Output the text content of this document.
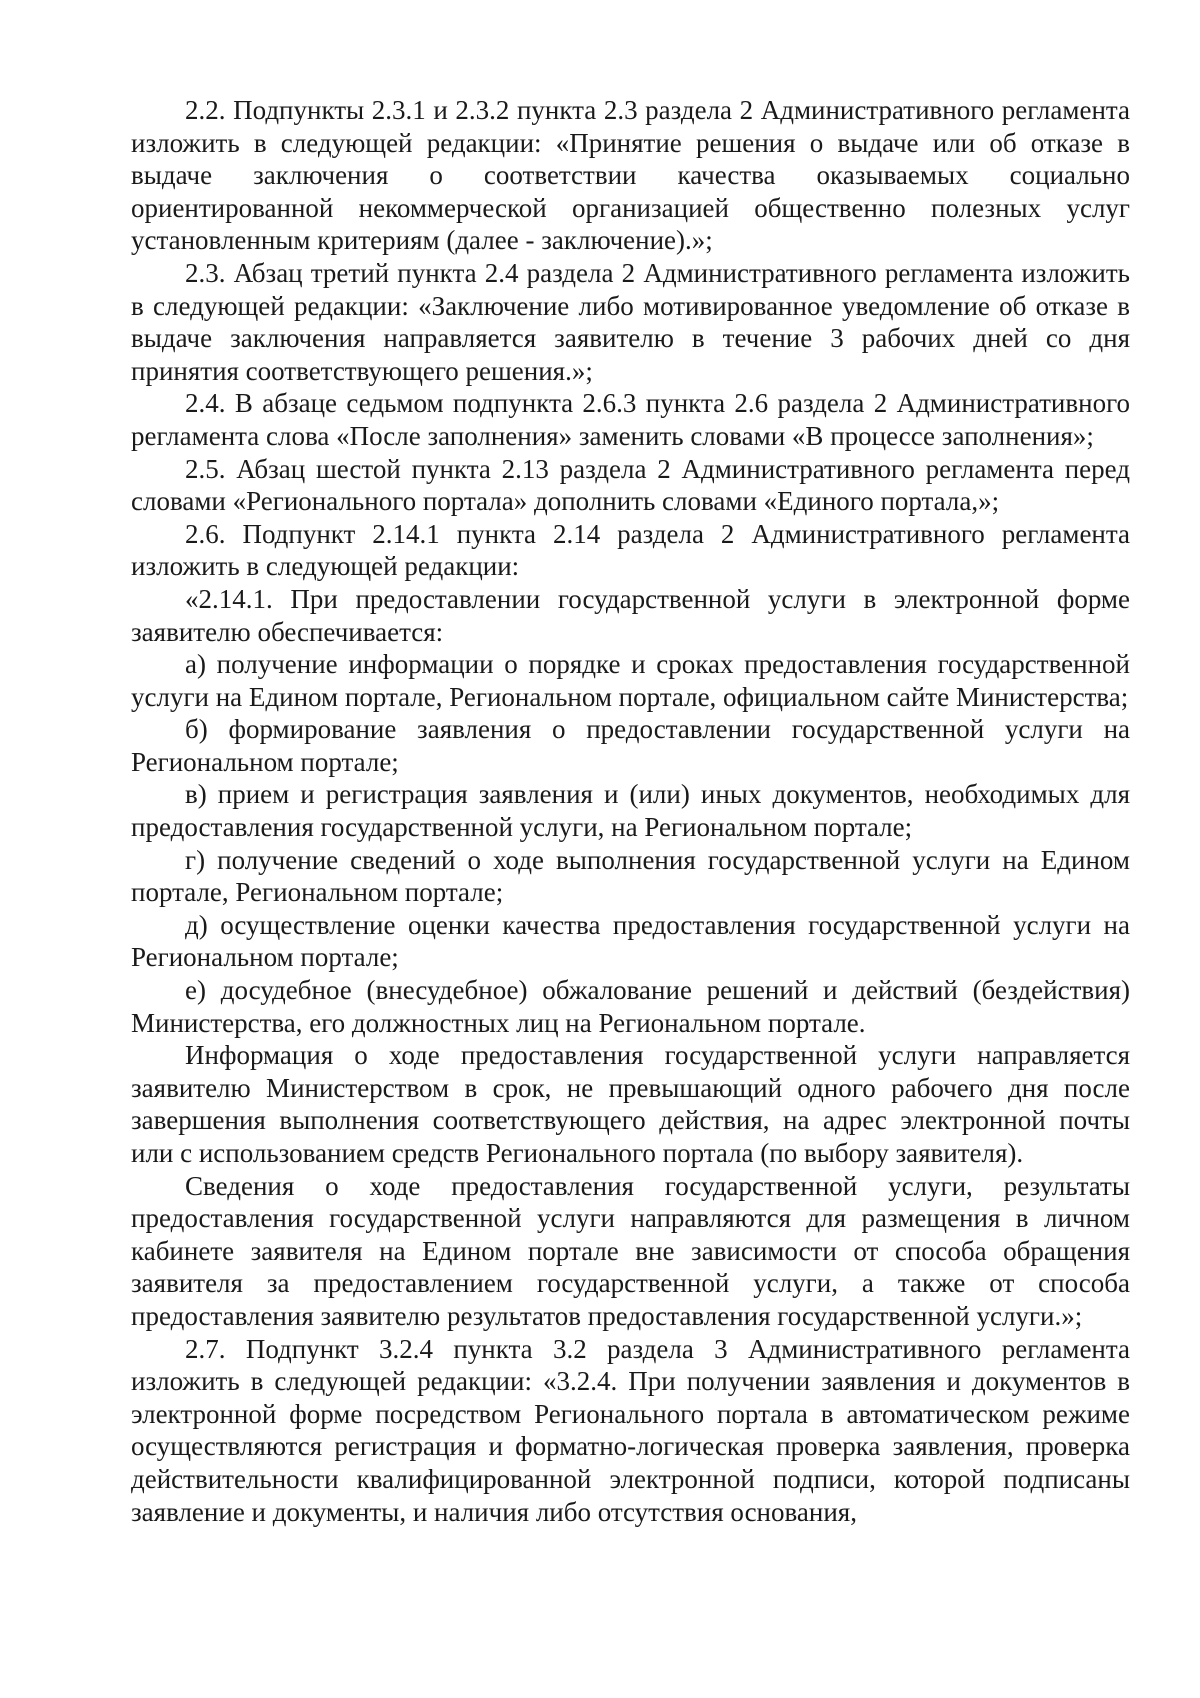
2.2. Подпункты 2.3.1 и 2.3.2 пункта 2.3 раздела 2 Административного регламента изложить в следующей редакции: «Принятие решения о выдаче или об отказе в выдаче заключения о соответствии качества оказываемых социально ориентированной некоммерческой организацией общественно полезных услуг установленным критериям (далее - заключение).»;

2.3. Абзац третий пункта 2.4 раздела 2 Административного регламента изложить в следующей редакции: «Заключение либо мотивированное уведомление об отказе в выдаче заключения направляется заявителю в течение 3 рабочих дней со дня принятия соответствующего решения.»;

2.4. В абзаце седьмом подпункта 2.6.3 пункта 2.6 раздела 2 Административного регламента слова «После заполнения» заменить словами «В процессе заполнения»;

2.5. Абзац шестой пункта 2.13 раздела 2 Административного регламента перед словами «Регионального портала» дополнить словами «Единого портала,»;

2.6. Подпункт 2.14.1 пункта 2.14 раздела 2 Административного регламента изложить в следующей редакции:

«2.14.1. При предоставлении государственной услуги в электронной форме заявителю обеспечивается:

а) получение информации о порядке и сроках предоставления государственной услуги на Едином портале, Региональном портале, официальном сайте Министерства;

б) формирование заявления о предоставлении государственной услуги на Региональном портале;

в) прием и регистрация заявления и (или) иных документов, необходимых для предоставления государственной услуги, на Региональном портале;

г) получение сведений о ходе выполнения государственной услуги на Едином портале, Региональном портале;

д) осуществление оценки качества предоставления государственной услуги на Региональном портале;

е) досудебное (внесудебное) обжалование решений и действий (бездействия) Министерства, его должностных лиц на Региональном портале.

Информация о ходе предоставления государственной услуги направляется заявителю Министерством в срок, не превышающий одного рабочего дня после завершения выполнения соответствующего действия, на адрес электронной почты или с использованием средств Регионального портала (по выбору заявителя).

Сведения о ходе предоставления государственной услуги, результаты предоставления государственной услуги направляются для размещения в личном кабинете заявителя на Едином портале вне зависимости от способа обращения заявителя за предоставлением государственной услуги, а также от способа предоставления заявителю результатов предоставления государственной услуги.»;

2.7. Подпункт 3.2.4 пункта 3.2 раздела 3 Административного регламента изложить в следующей редакции: «3.2.4. При получении заявления и документов в электронной форме посредством Регионального портала в автоматическом режиме осуществляются регистрация и форматно-логическая проверка заявления, проверка действительности квалифицированной электронной подписи, которой подписаны заявление и документы, и наличия либо отсутствия основания,
